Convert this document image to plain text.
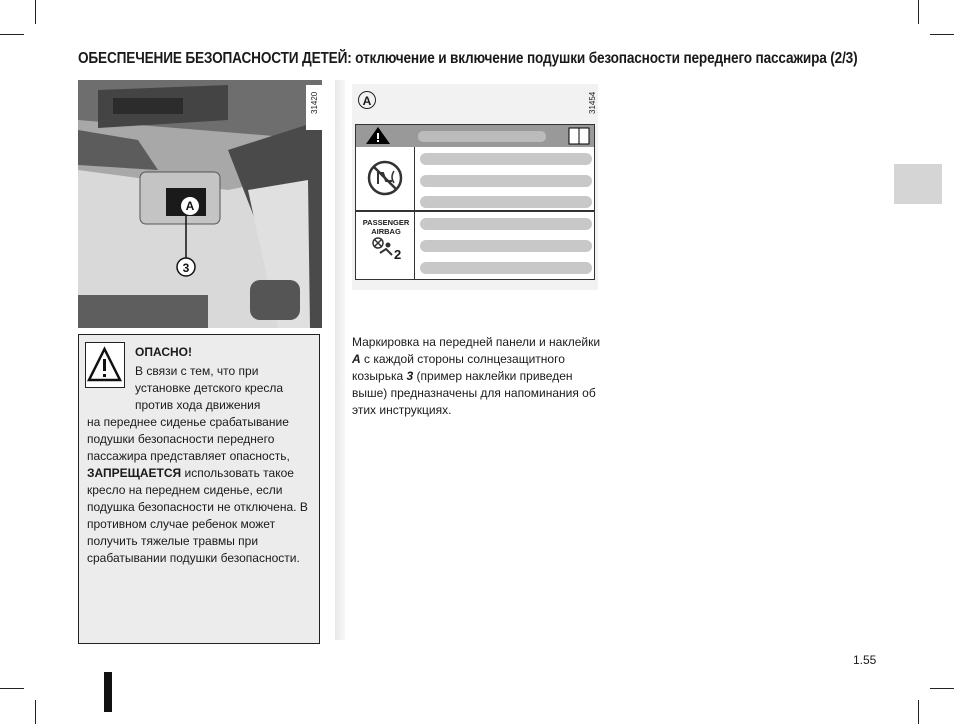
ОБЕСПЕЧЕНИЕ БЕЗОПАСНОСТИ ДЕТЕЙ: отключение и включение подушки безопасности переднего пассажира (2/3)
A
3
31420
ОПАСНО!
В связи с тем, что при
установке детского кресла
против хода движения
на переднее сиденье срабатывание подушки безопасности переднего пассажира представляет опасность, ЗАПРЕЩАЕТСЯ использовать такое кресло на переднем сиденье, если подушка безопасности не отключена. В противном случае ребенок может получить тяжелые травмы при срабатывании подушки безопасности.
A	31454
PASSENGER
AIRBAG
2
Маркировка на передней панели и наклейки A с каждой стороны солнцезащитного козырька 3 (пример наклейки приведен выше) предназначены для напоминания об этих инструкциях.
1.55
